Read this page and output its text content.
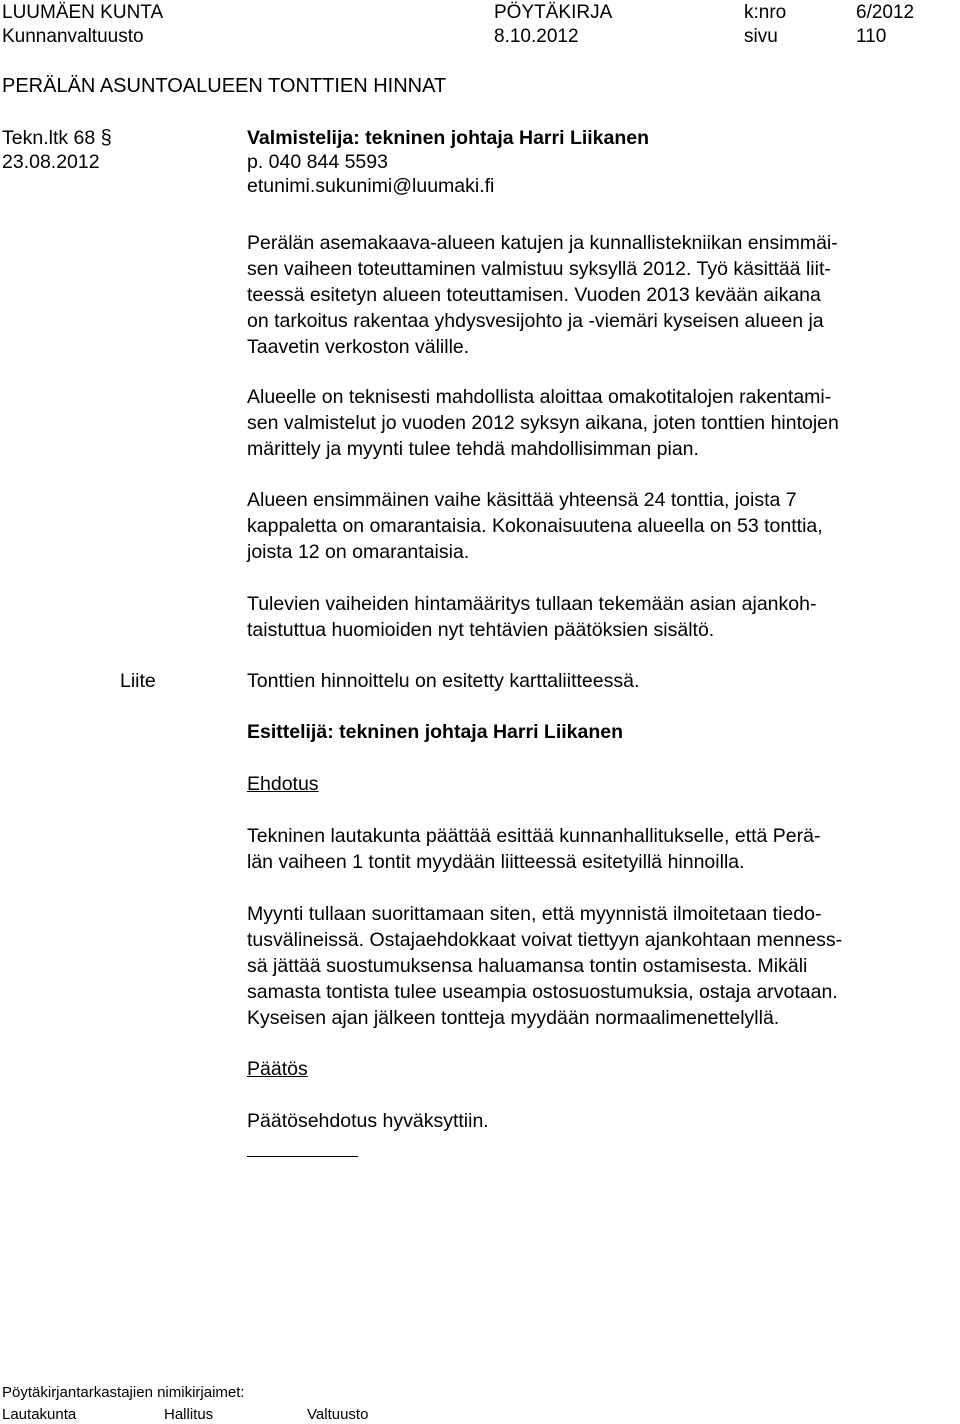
LUUMÄEN KUNTA
Kunnanvaltuusto
PÖYTÄKIRJA
8.10.2012
k:nro	6/2012
sivu	110
PERÄLÄN ASUNTOALUEEN TONTTIEN HINNAT
Tekn.ltk 68 §
23.08.2012
Valmistelija: tekninen johtaja Harri Liikanen
p. 040 844 5593
etunimi.sukunimi@luumaki.fi
Perälän asemakaava-alueen katujen ja kunnallistekniikan ensimmäi-
sen vaiheen toteuttaminen valmistuu syksyllä 2012. Työ käsittää liit-
teessä esitetyn alueen toteuttamisen. Vuoden 2013 kevään aikana
on tarkoitus rakentaa yhdysvesijohto ja -viemäri kyseisen alueen ja
Taavetin verkoston välille.
Alueelle on teknisesti mahdollista aloittaa omakotitalojen rakentami-
sen valmistelut jo vuoden 2012 syksyn aikana, joten tonttien hintojen
märittely ja myynti tulee tehdä mahdollisimman pian.
Alueen ensimmäinen vaihe käsittää yhteensä 24 tonttia, joista 7
kappaletta on omarantaisia. Kokonaisuutena alueella on 53 tonttia,
joista 12 on omarantaisia.
Tulevien vaiheiden hintamääritys tullaan tekemään asian ajankoh-
taistuttua huomioiden nyt tehtävien päätöksien sisältö.
Liite	Tonttien hinnoittelu on esitetty karttaliitteessä.
Esittelijä: tekninen johtaja Harri Liikanen
Ehdotus
Tekninen lautakunta päättää esittää kunnanhallitukselle, että Perä-
län vaiheen 1 tontit myydään liitteessä esitetyillä hinnoilla.
Myynti tullaan suorittamaan siten, että myynnistä ilmoitetaan tiedo-
tusvälineissä. Ostajaehdokkaat voivat tiettyyn ajankohtaan menness-
sä jättää suostumuksensa haluamansa tontin ostamisesta. Mikäli
samasta tontista tulee useampia ostosuostumuksia, ostaja arvotaan.
Kyseisen ajan jälkeen tontteja myydään normaalimenettelyllä.
Päätös
Päätösehdotus hyväksyttiin.
Pöytäkirjantarkastajien nimikirjaimet:
Lautakunta	Hallitus	Valtuusto
